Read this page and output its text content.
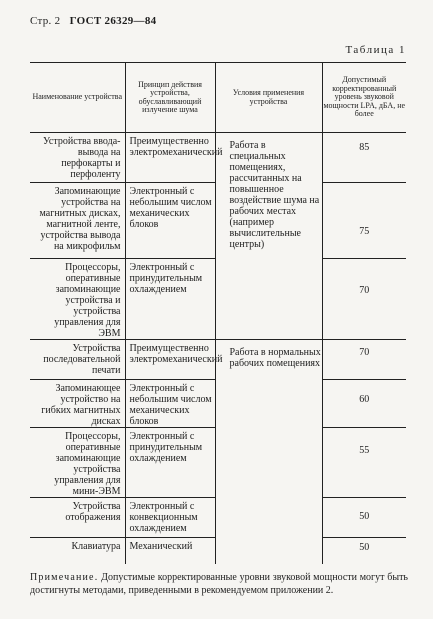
Стр. 2 ГОСТ 26329—84
Таблица 1
Наименование устройства	Принцип действия устройства, обуславливающий излучение шума	Условия применения устройства	Допустимый корректированный уровень звуковой мощности LPA, дБА, не более
Устройства ввода-вывода на перфокарты и перфоленту	Преимущественно электромеханический	Работа в специальных помещениях, рассчитанных на повышенное воздействие шума на рабочих местах (например вычислительные центры)	85
Запоминающие устройства на магнитных дисках, магнитной ленте, устройства вывода на микрофильм	Электронный с небольшим числом механических блоков		75
Процессоры, оперативные запоминающие устройства и устройства управления для ЭВМ	Электронный с принудительным охлаждением		70
Устройства последовательной печати	Преимущественно электромеханический	Работа в нормальных рабочих помещениях	70
Запоминающее устройство на гибких магнитных дисках	Электронный с небольшим числом механических блоков		60
Процессоры, оперативные запоминающие устройства управления для мини-ЭВМ	Электронный с принудительным охлаждением		55
Устройства отображения	Электронный с конвекционным охлаждением		50
Клавиатура	Механический		50
Примечание. Допустимые корректированные уровни звуковой мощности могут быть достигнуты методами, приведенными в рекомендуемом приложении 2.
